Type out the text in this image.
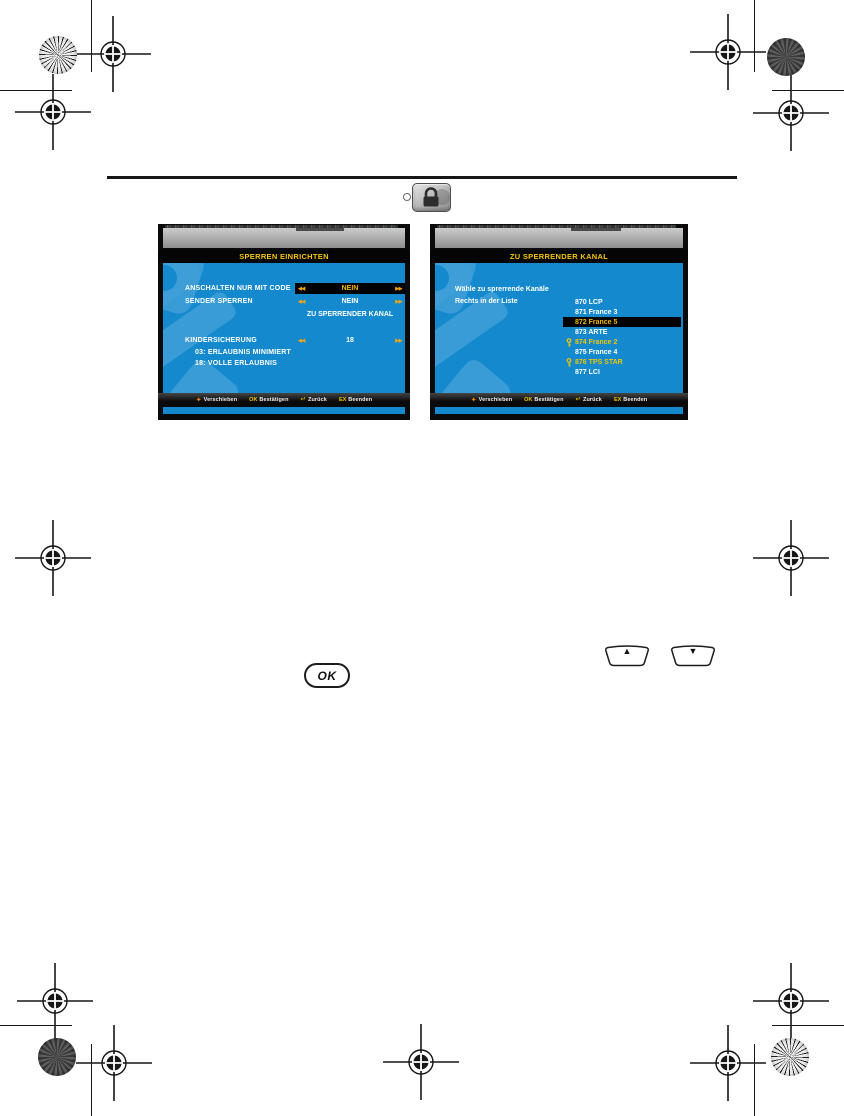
SPERREN EINRICHTEN
ANSCHALTEN NUR MIT CODE ◀◀	NEIN	▶▶
SENDER SPERREN	◀◀	NEIN	▶▶
ZU SPERRENDER KANAL
KINDERSICHERUNG	◀◀	18	▶▶
03: ERLAUBNIS MINIMIERT
18: VOLLE ERLAUBNIS
✦ Verschieben OK Bestätigen ↵ Zurück EX Beenden
ZU SPERRENDER KANAL
Wähle zu sprerrende Kanäle
Rechts in der Liste	870 LCP
871 France 3
872 France 5
873 ARTE
874 France 2
875 France 4
876 TPS STAR
877 LCI
✦ Verschieben OK Bestätigen ↵ Zurück EX Beenden
▲	▼
OK
